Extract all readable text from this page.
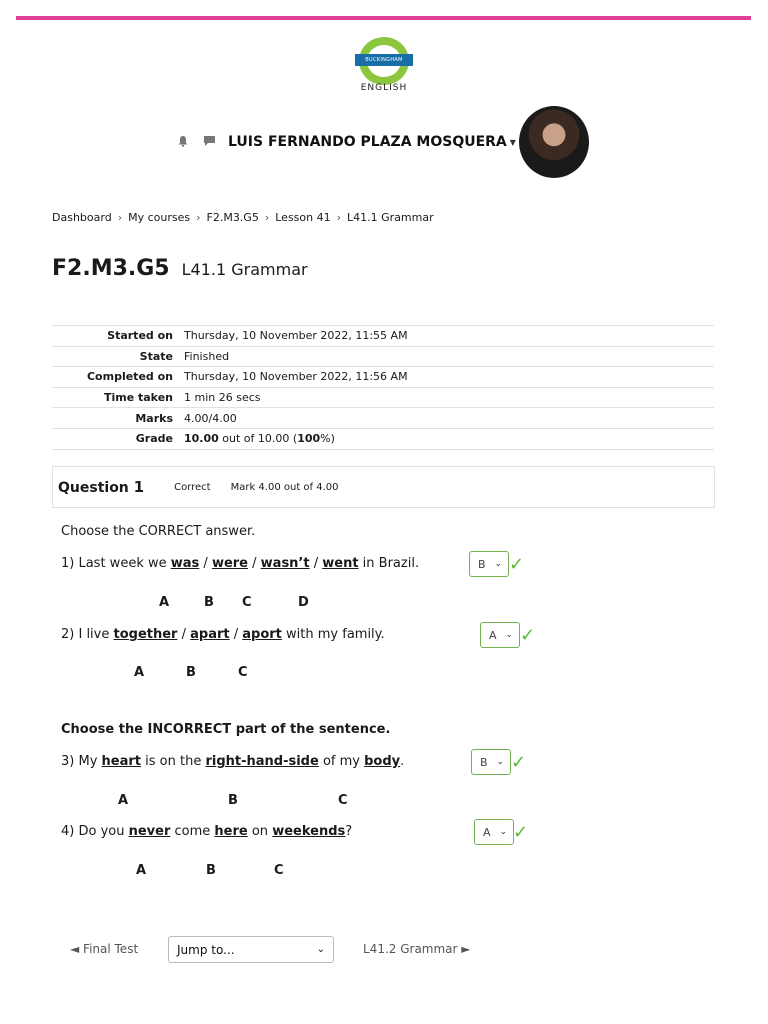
BUCKINGHAM
ENGLISH
LUIS FERNANDO PLAZA MOSQUERA ▼
Dashboard › My courses › F2.M3.G5 › Lesson 41 › L41.1 Grammar
F2.M3.G5 L41.1 Grammar
Started on	Thursday, 10 November 2022, 11:55 AM
State	Finished
Completed on	Thursday, 10 November 2022, 11:56 AM
Time taken	1 min 26 secs
Marks	4.00/4.00
Grade	10.00 out of 10.00 (100%)
Question 1	Correct Mark 4.00 out of 4.00
Choose the CORRECT answer.
1) Last week we was / were / wasn’t / went in Brazil.	B ⌄ ✓
A	B C	D
2) I live together / apart / aport with my family.	A ⌄ ✓
A	B	C
Choose the INCORRECT part of the sentence.
3) My heart is on the right-hand-side of my body.	B ⌄ ✓
A	B	C
4) Do you never come here on weekends?	A ⌄ ✓
A	B	C
◄ Final Test	Jump to...	⌄	L41.2 Grammar ►
